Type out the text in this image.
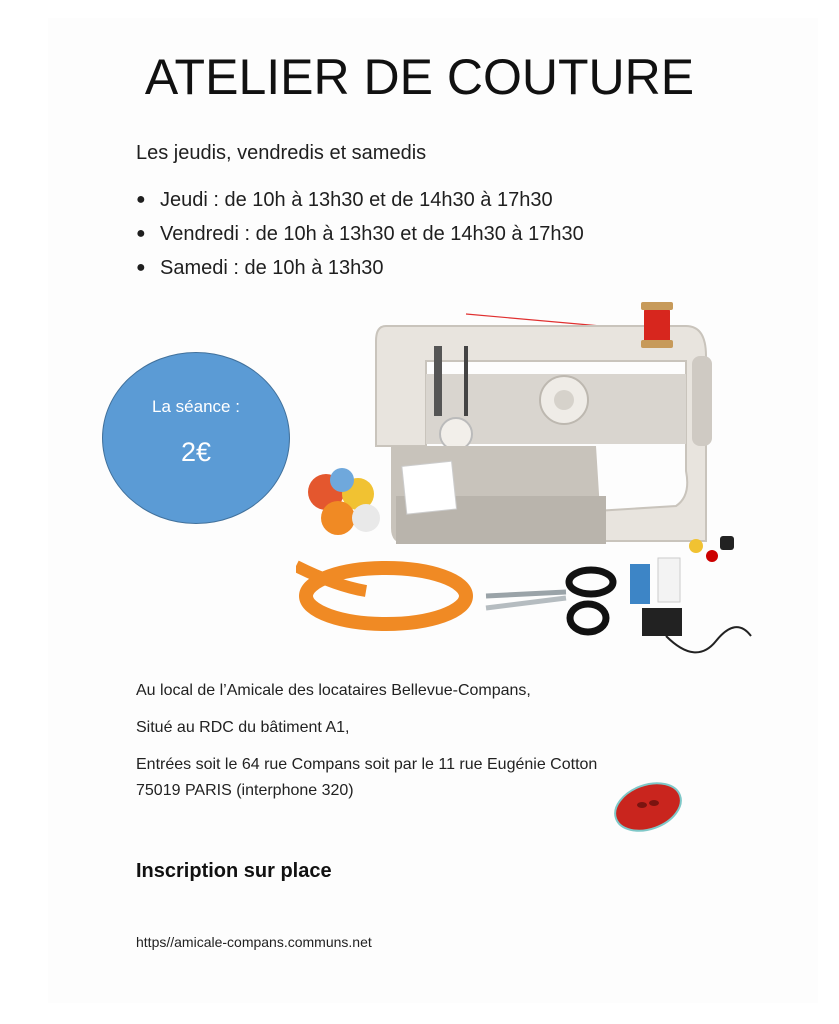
ATELIER DE COUTURE
Les jeudis, vendredis et samedis
● Jeudi : de 10h à 13h30 et de 14h30 à 17h30
● Vendredi : de 10h à 13h30 et de 14h30 à 17h30
● Samedi : de 10h à 13h30
La séance :
2€
Au local de l’Amicale des locataires Bellevue-Compans,
Situé au RDC du bâtiment A1,
Entrées soit le 64 rue Compans soit par le 11 rue Eugénie Cotton
75019 PARIS (interphone 320)
Inscription sur place
https//amicale-compans.communs.net
